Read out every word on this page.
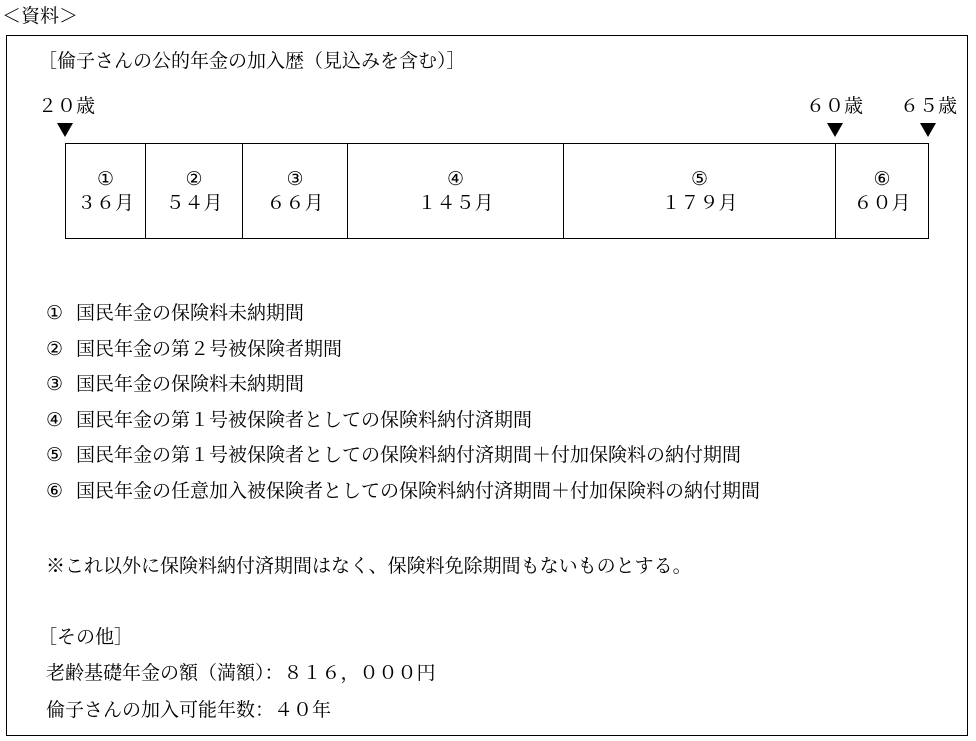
＜資料＞
［倫子さんの公的年金の加入歴（見込みを含む）］
２０歳	６０歳 ６５歳
①
３６月
②
５４月
③
６６月
④
１４５月
⑤
１７９月
⑥
６０月
① 国民年金の保険料未納期間
② 国民年金の第２号被保険者期間
③ 国民年金の保険料未納期間
④ 国民年金の第１号被保険者としての保険料納付済期間
⑤ 国民年金の第１号被保険者としての保険料納付済期間＋付加保険料の納付期間
⑥ 国民年金の任意加入被保険者としての保険料納付済期間＋付加保険料の納付期間
※これ以外に保険料納付済期間はなく、保険料免除期間もないものとする。
［その他］
老齢基礎年金の額（満額）：８１６，０００円
倫子さんの加入可能年数：４０年
